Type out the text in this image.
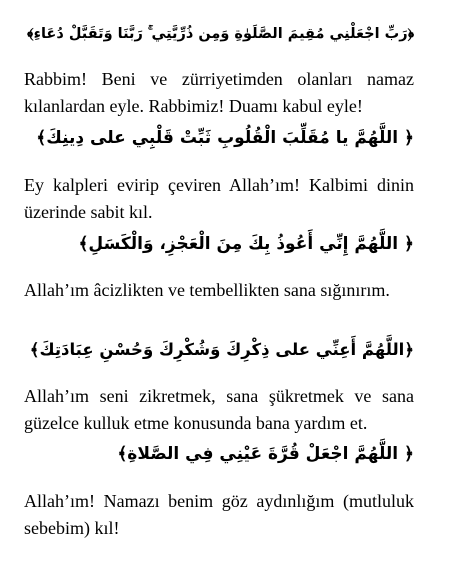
﴿رَبِّ اجْعَلْنِي مُقِيمَ الصَّلَوٰةِ وَمِن ذُرِّيَّتِي ۚ رَبَّنَا وَتَقَبَّلْ دُعَاءِ﴾
Rabbim! Beni ve zürriyetimden olanları namaz kılanlardan eyle. Rabbimiz! Duamı kabul eyle!
﴿ اللَّهُمَّ يا مُقَلِّبَ الْقُلُوبِ ثَبِّتْ قَلْبِي على دِينِكَ﴾
Ey kalpleri evirip çeviren Allah’ım! Kalbimi dinin üzerinde sabit kıl.
﴿ اللَّهُمَّ إِنِّي أَعُوذُ بِكَ مِنَ الْعَجْزِ، وَالْكَسَلِ﴾
Allah’ım âcizlikten ve tembellikten sana sığınırım.
﴿اللَّهُمَّ أَعِنِّي على ذِكْرِكَ وَشُكْرِكَ وَحُسْنِ عِبَادَتِكَ﴾
Allah’ım seni zikretmek, sana şükretmek ve sana güzelce kulluk etme konusunda bana yardım et.
﴿ اللَّهُمَّ اجْعَلْ قُرَّةَ عَيْنِي فِي الصَّلاةِ﴾
Allah’ım! Namazı benim göz aydınlığım (mutluluk sebebim) kıl!
